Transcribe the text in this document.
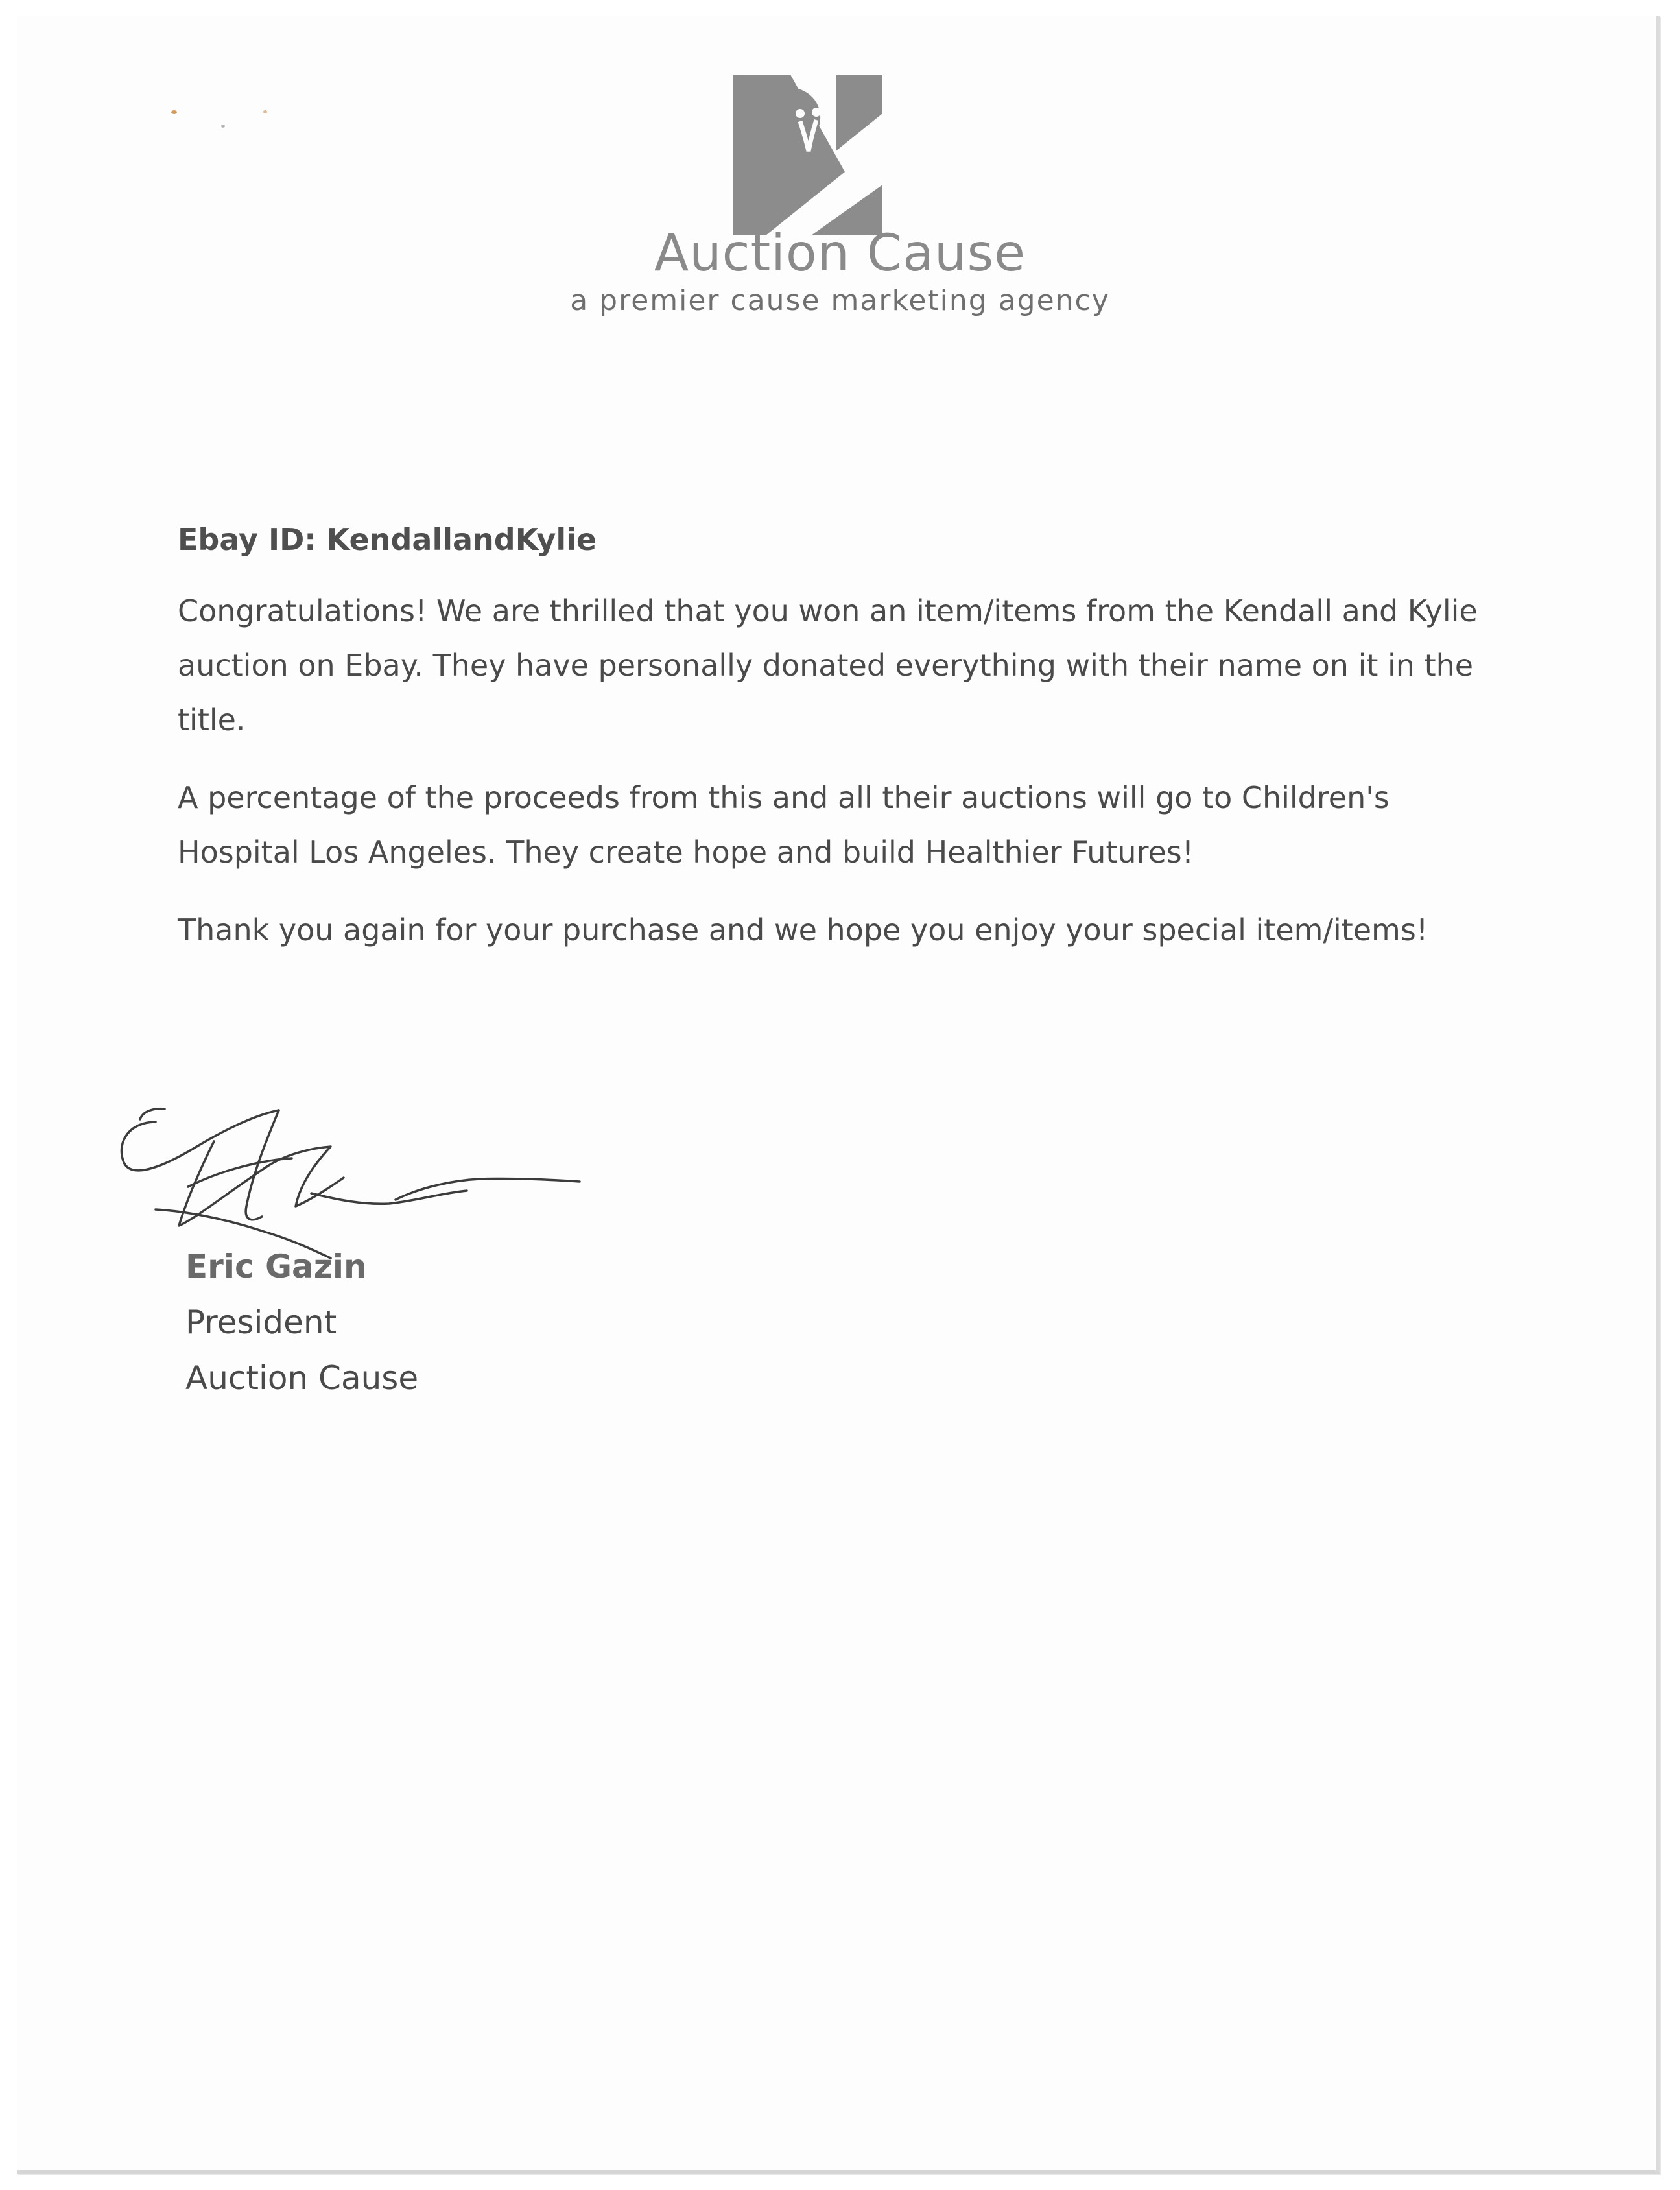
Auction Cause
a premier cause marketing agency

Ebay ID: KendallandKylie

Congratulations! We are thrilled that you won an item/items from the Kendall and Kylie auction on Ebay. They have personally donated everything with their name on it in the title.

A percentage of the proceeds from this and all their auctions will go to Children's Hospital Los Angeles. They create hope and build Healthier Futures!

Thank you again for your purchase and we hope you enjoy your special item/items!

Eric Gazin
President
Auction Cause
